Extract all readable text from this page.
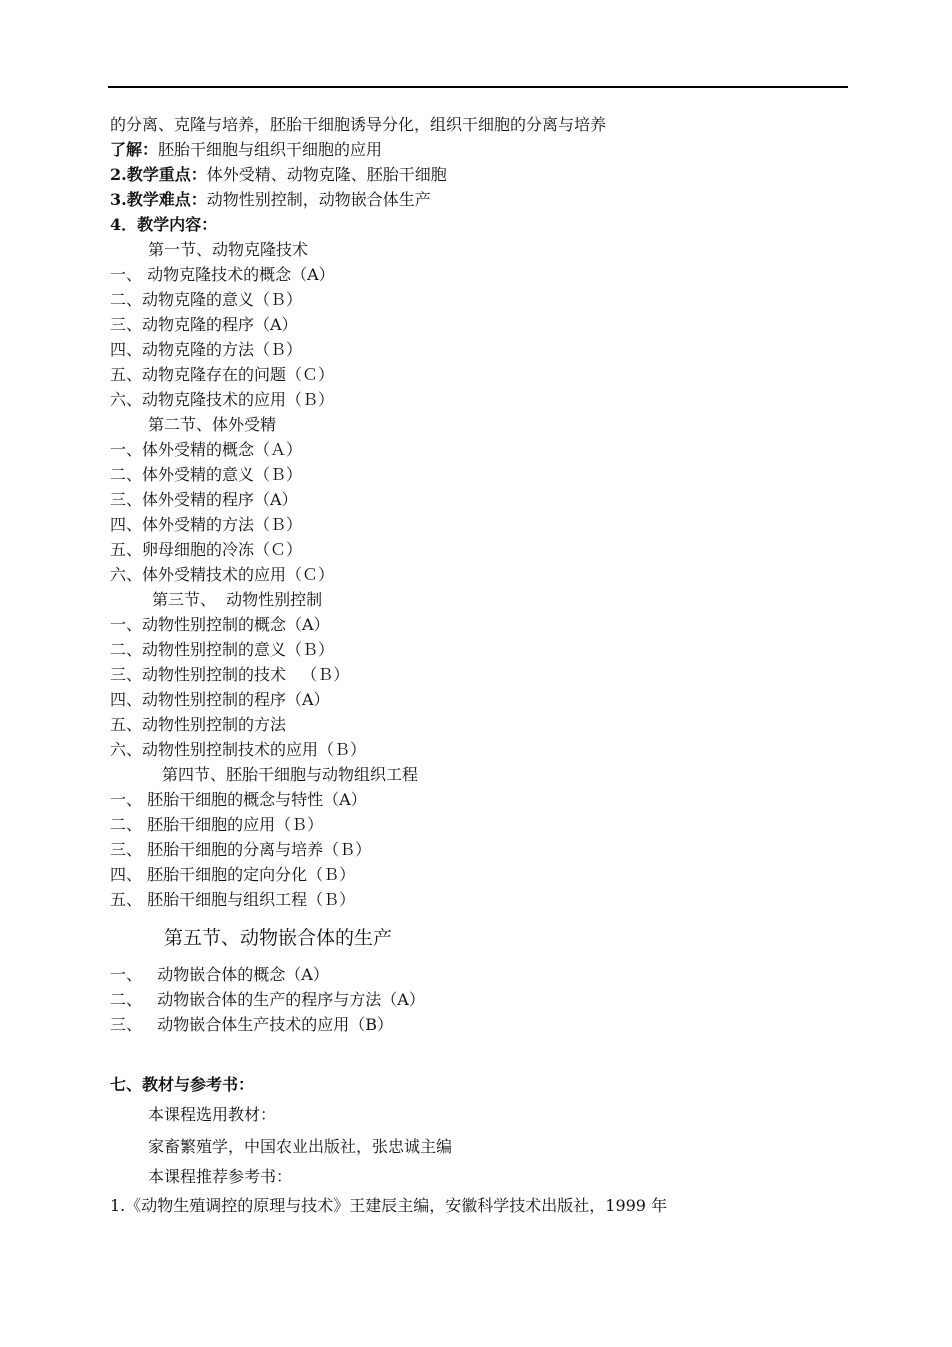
的分离、克隆与培养，胚胎干细胞诱导分化，组织干细胞的分离与培养
了解：胚胎干细胞与组织干细胞的应用
2.教学重点：体外受精、动物克隆、胚胎干细胞
3.教学难点：动物性别控制，动物嵌合体生产
4．教学内容：
第一节、动物克隆技术
一、 动物克隆技术的概念（A）
二、动物克隆的意义（Ｂ）
三、动物克隆的程序（A）
四、动物克隆的方法（Ｂ）
五、动物克隆存在的问题（Ｃ）
六、动物克隆技术的应用（Ｂ）
第二节、体外受精
一、体外受精的概念（Ａ）
二、体外受精的意义（Ｂ）
三、体外受精的程序（A）
四、体外受精的方法（Ｂ）
五、卵母细胞的冷冻（Ｃ）
六、体外受精技术的应用（Ｃ）
第三节、  动物性别控制
一、动物性别控制的概念（A）
二、动物性别控制的意义（Ｂ）
三、动物性别控制的技术   （Ｂ）
四、动物性别控制的程序（A）
五、动物性别控制的方法
六、动物性别控制技术的应用（Ｂ）
第四节、胚胎干细胞与动物组织工程
一、 胚胎干细胞的概念与特性（A）
二、 胚胎干细胞的应用（Ｂ）
三、 胚胎干细胞的分离与培养（Ｂ）
四、 胚胎干细胞的定向分化（Ｂ）
五、 胚胎干细胞与组织工程（Ｂ）
第五节、动物嵌合体的生产
一、   动物嵌合体的概念（A）
二、   动物嵌合体的生产的程序与方法（A）
三、   动物嵌合体生产技术的应用（B）
七、教材与参考书：
本课程选用教材：
家畜繁殖学，中国农业出版社，张忠诚主编
本课程推荐参考书：
1.《动物生殖调控的原理与技术》王建辰主编，安徽科学技术出版社，1999 年
